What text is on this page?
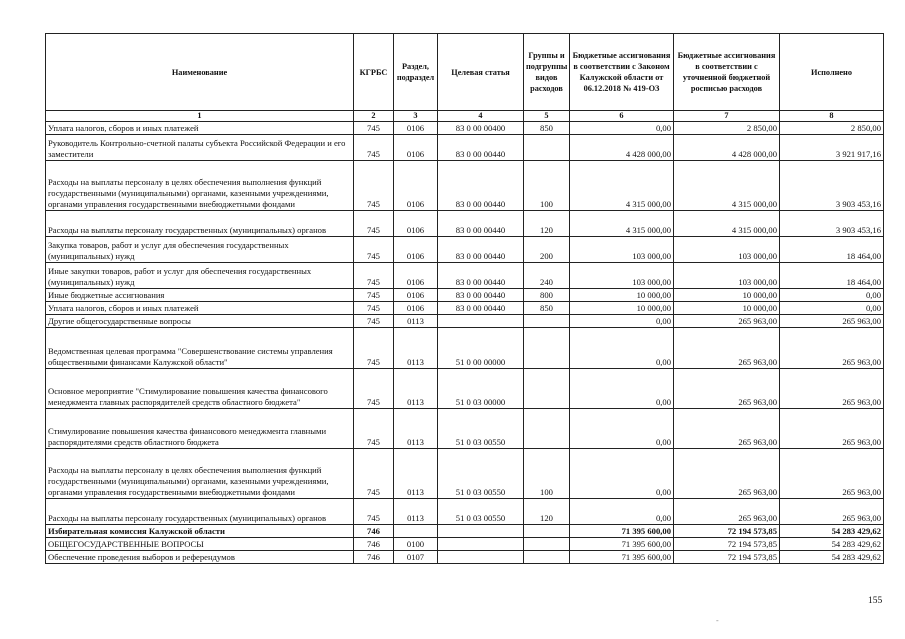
Наименование	КГРБС	Раздел, подраздел	Целевая статья	Группы и подгруппы видов расходов	Бюджетные ассигнования в соответствии с Законом Калужской области от 06.12.2018 № 419-ОЗ	Бюджетные ассигнования в соответствии с уточненной бюджетной росписью расходов	Исполнено
1	2	3	4	5	6	7	8
Уплата налогов, сборов и иных платежей	745	0106	83 0 00 00400	850	0,00	2 850,00	2 850,00
Руководитель Контрольно-счетной палаты субъекта Российской Федерации и его заместители	745	0106	83 0 00 00440		4 428 000,00	4 428 000,00	3 921 917,16
Расходы на выплаты персоналу в целях обеспечения выполнения функций государственными (муниципальными) органами, казенными учреждениями, органами управления государственными внебюджетными фондами	745	0106	83 0 00 00440	100	4 315 000,00	4 315 000,00	3 903 453,16
Расходы на выплаты персоналу государственных (муниципальных) органов	745	0106	83 0 00 00440	120	4 315 000,00	4 315 000,00	3 903 453,16
Закупка товаров, работ и услуг для обеспечения государственных (муниципальных) нужд	745	0106	83 0 00 00440	200	103 000,00	103 000,00	18 464,00
Иные закупки товаров, работ и услуг для обеспечения государственных (муниципальных) нужд	745	0106	83 0 00 00440	240	103 000,00	103 000,00	18 464,00
Иные бюджетные ассигнования	745	0106	83 0 00 00440	800	10 000,00	10 000,00	0,00
Уплата налогов, сборов и иных платежей	745	0106	83 0 00 00440	850	10 000,00	10 000,00	0,00
Другие общегосударственные вопросы	745	0113			0,00	265 963,00	265 963,00
Ведомственная целевая программа "Совершенствование системы управления общественными финансами Калужской области"	745	0113	51 0 00 00000		0,00	265 963,00	265 963,00
Основное мероприятие "Стимулирование повышения качества финансового менеджмента главных распорядителей средств областного бюджета"	745	0113	51 0 03 00000		0,00	265 963,00	265 963,00
Стимулирование повышения качества финансового менеджмента главными распорядителями средств областного бюджета	745	0113	51 0 03 00550		0,00	265 963,00	265 963,00
Расходы на выплаты персоналу в целях обеспечения выполнения функций государственными (муниципальными) органами, казенными учреждениями, органами управления государственными внебюджетными фондами	745	0113	51 0 03 00550	100	0,00	265 963,00	265 963,00
Расходы на выплаты персоналу государственных (муниципальных) органов	745	0113	51 0 03 00550	120	0,00	265 963,00	265 963,00
Избирательная комиссия Калужской области	746				71 395 600,00	72 194 573,85	54 283 429,62
ОБЩЕГОСУДАРСТВЕННЫЕ ВОПРОСЫ	746	0100			71 395 600,00	72 194 573,85	54 283 429,62
Обеспечение проведения выборов и референдумов	746	0107			71 395 600,00	72 194 573,85	54 283 429,62
155
-
